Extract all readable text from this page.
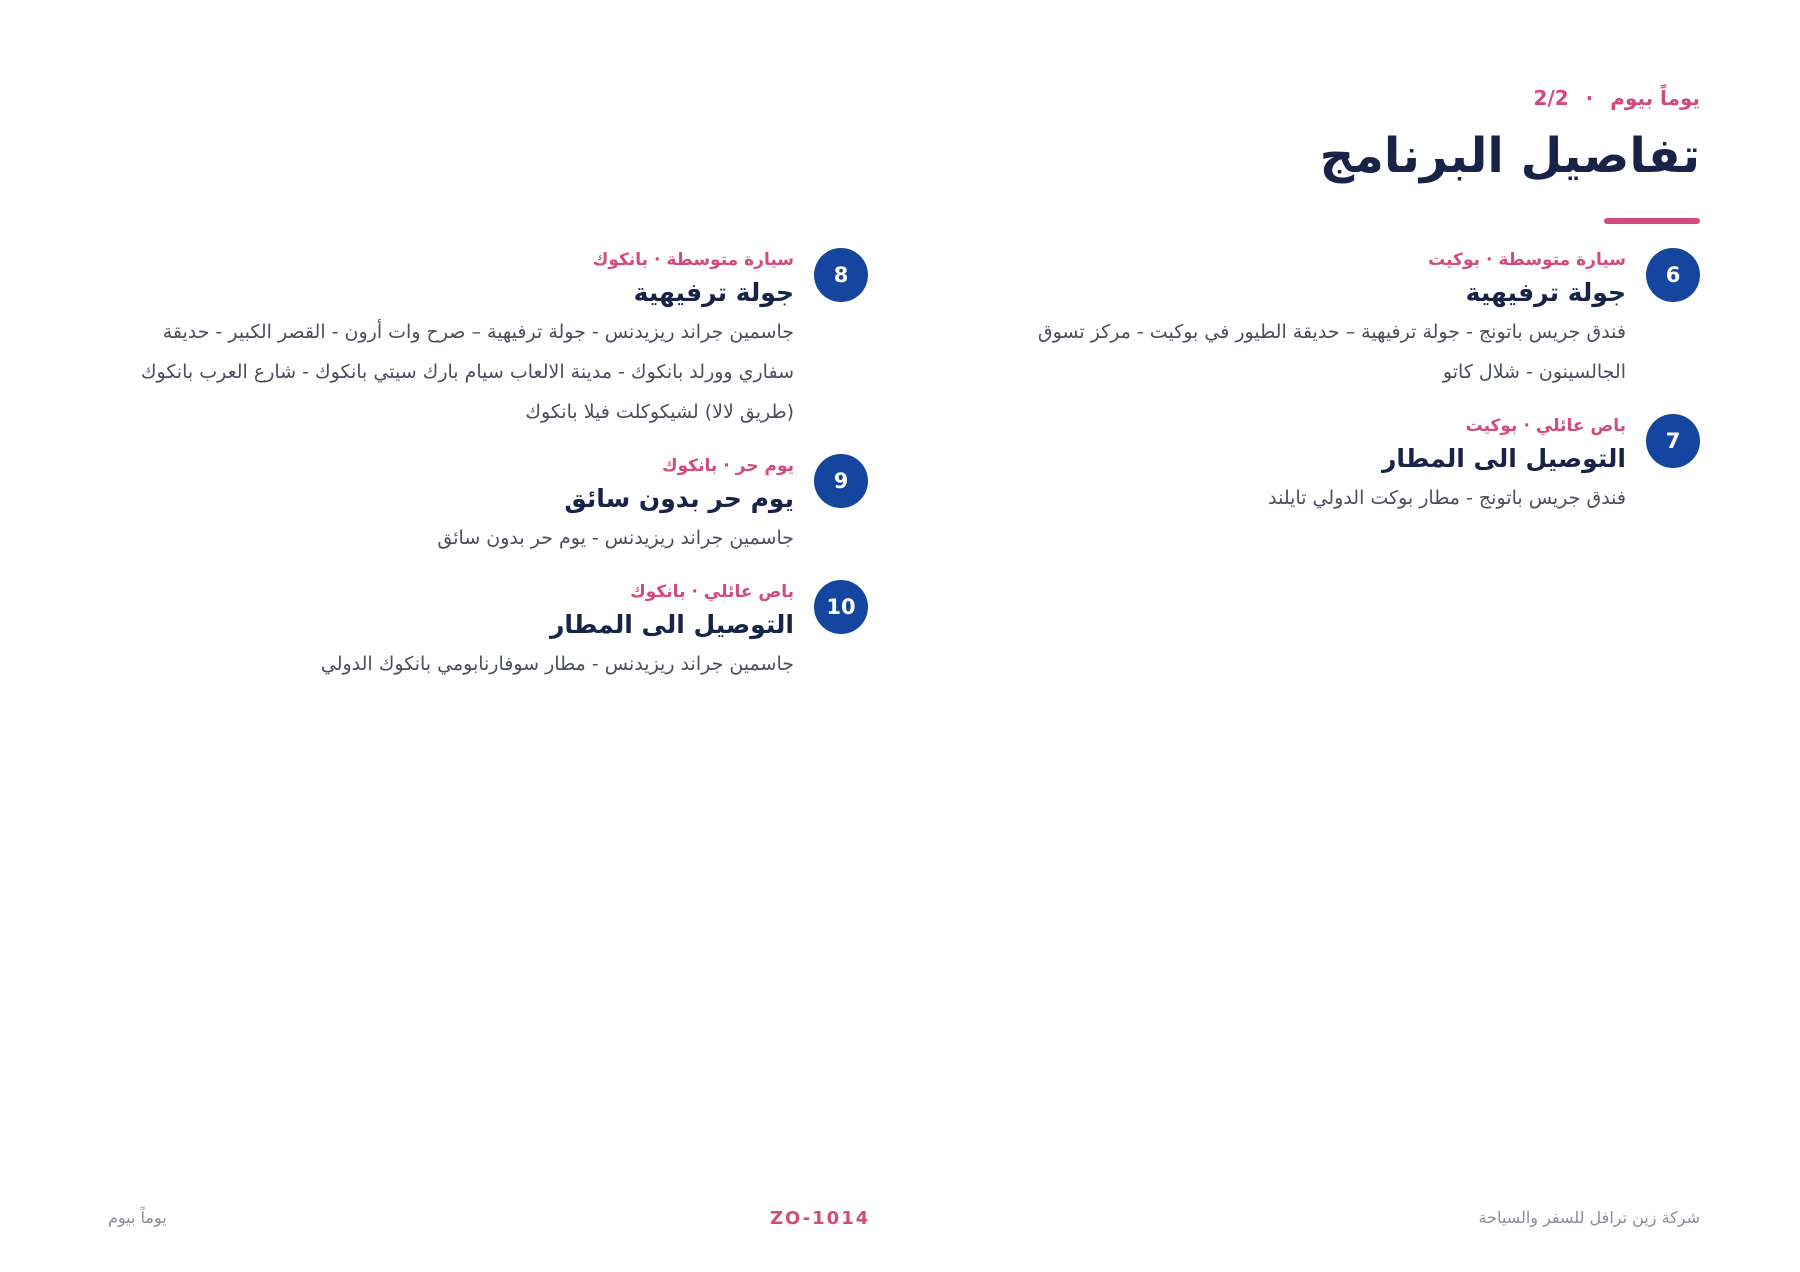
يوماً بيوم · 2/2
تفاصيل البرنامج
6
سيارة متوسطة·بوكيت
جولة ترفيهية
فندق جريس باتونج - جولة ترفيهية – حديقة الطيور في بوكيت - مركز تسوق الجالسينون - شلال كاتو
7
باص عائلي·بوكيت
التوصيل الى المطار
فندق جريس باتونج - مطار بوكت الدولي تايلند
8
سيارة متوسطة·بانكوك
جولة ترفيهية
جاسمين جراند ريزيدنس - جولة ترفيهية – صرح وات أرون - القصر الكبير - حديقة سفاري وورلد بانكوك - مدينة الالعاب سيام بارك سيتي بانكوك - شارع العرب بانكوك (طريق لالا) لشيكوكلت فيلا بانكوك
9
يوم حر·بانكوك
يوم حر بدون سائق
جاسمين جراند ريزيدنس - يوم حر بدون سائق
10
باص عائلي·بانكوك
التوصيل الى المطار
جاسمين جراند ريزيدنس - مطار سوفارنابومي بانكوك الدولي
شركة زين ترافل للسفر والسياحة
ZO-1014
يوماً بيوم
